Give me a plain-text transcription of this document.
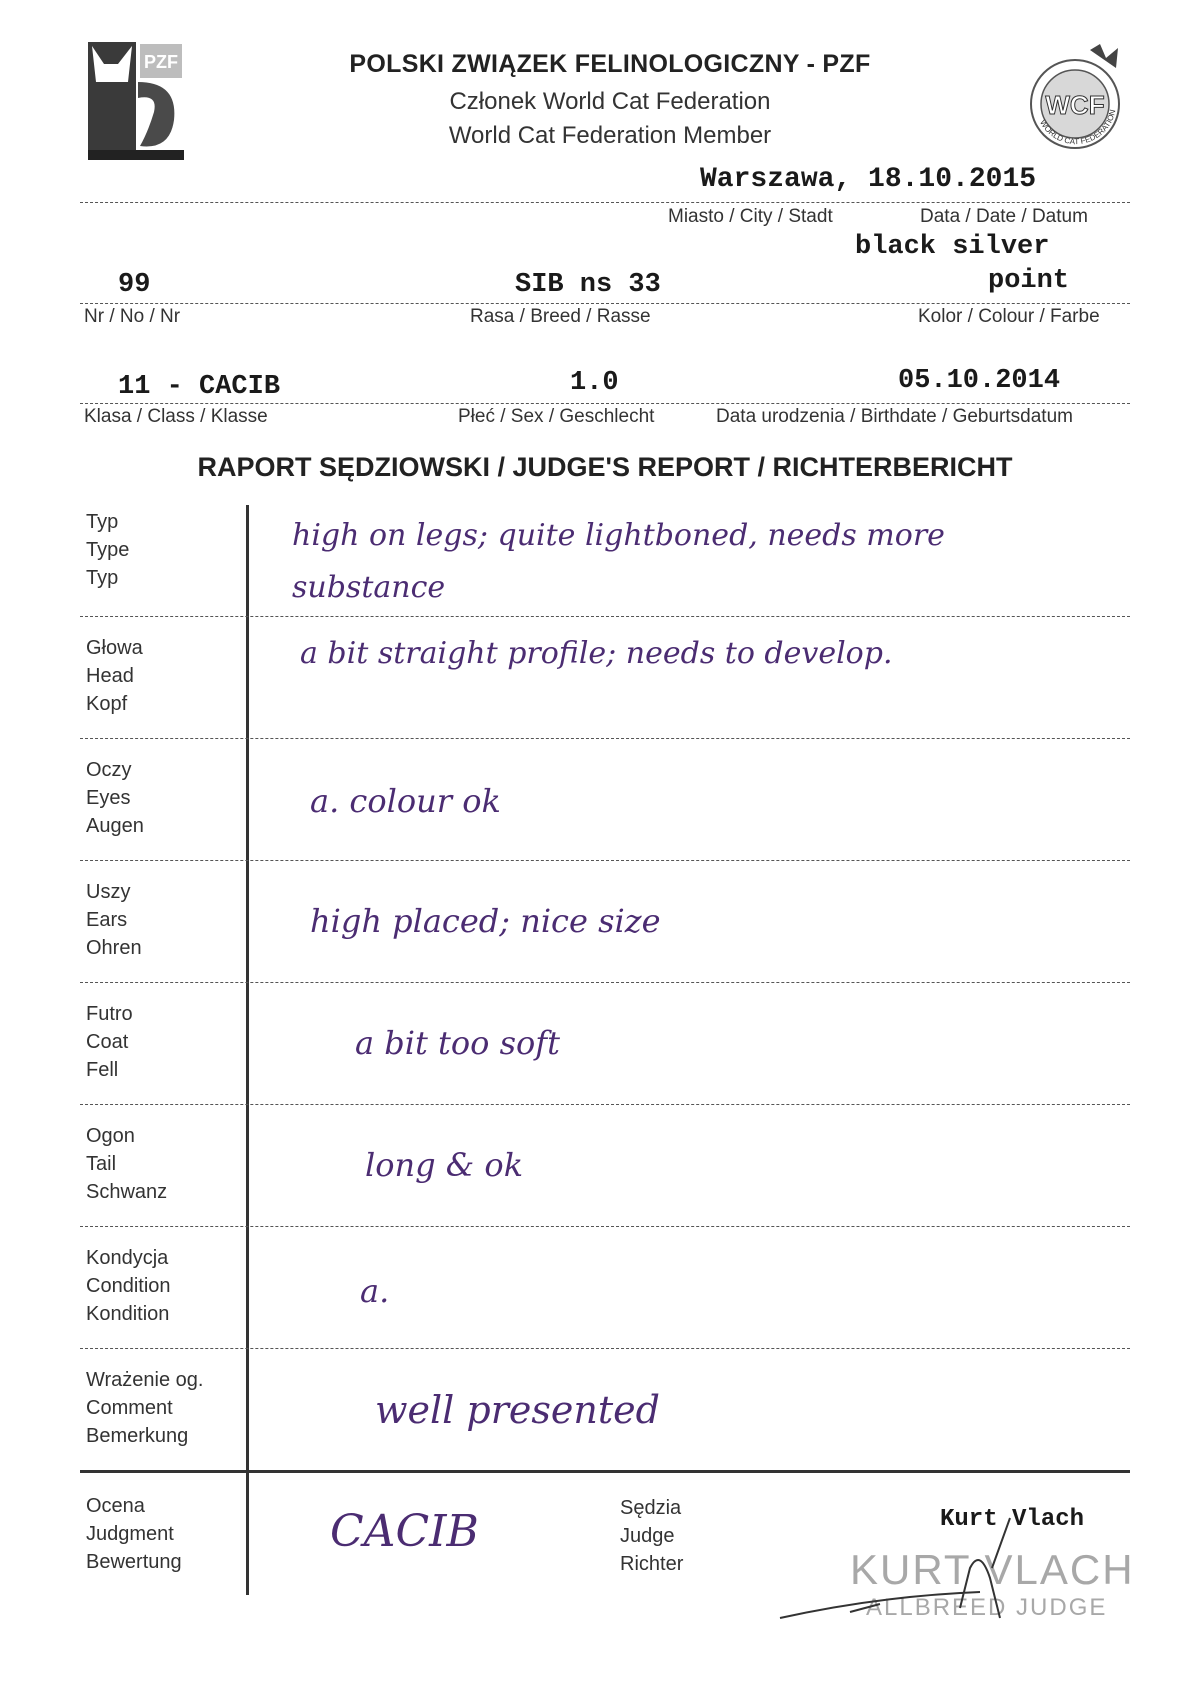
PZF
WCF
WORLD CAT FEDERATION
POLSKI ZWIĄZEK FELINOLOGICZNY - PZF
Członek World Cat Federation
World Cat Federation Member
Warszawa, 18.10.2015
Miasto / City / Stadt	Data / Date / Datum
black silver
99	SIB ns 33	point
Nr / No / Nr	Rasa / Breed / Rasse	Kolor / Colour / Farbe
11 - CACIB	1.0	05.10.2014
Klasa / Class / Klasse	Płeć / Sex / Geschlecht	Data urodzenia / Birthdate / Geburtsdatum
RAPORT SĘDZIOWSKI / JUDGE'S REPORT / RICHTERBERICHT
Typ
Type
Typ
high on legs; quite lightboned, needs more substance
Głowa
Head
Kopf
a bit straight profile; needs to develop.
Oczy
Eyes
Augen
a. colour ok
Uszy
Ears
Ohren
high placed; nice size
Futro
Coat
Fell
a bit too soft
Ogon
Tail
Schwanz
long & ok
Kondycja
Condition
Kondition
a.
Wrażenie og.
Comment
Bemerkung
well presented
Ocena
Judgment
Bewertung
CACIB	Sędzia
Judge
Richter
Kurt Vlach
KURT VLACH
ALLBREED JUDGE
